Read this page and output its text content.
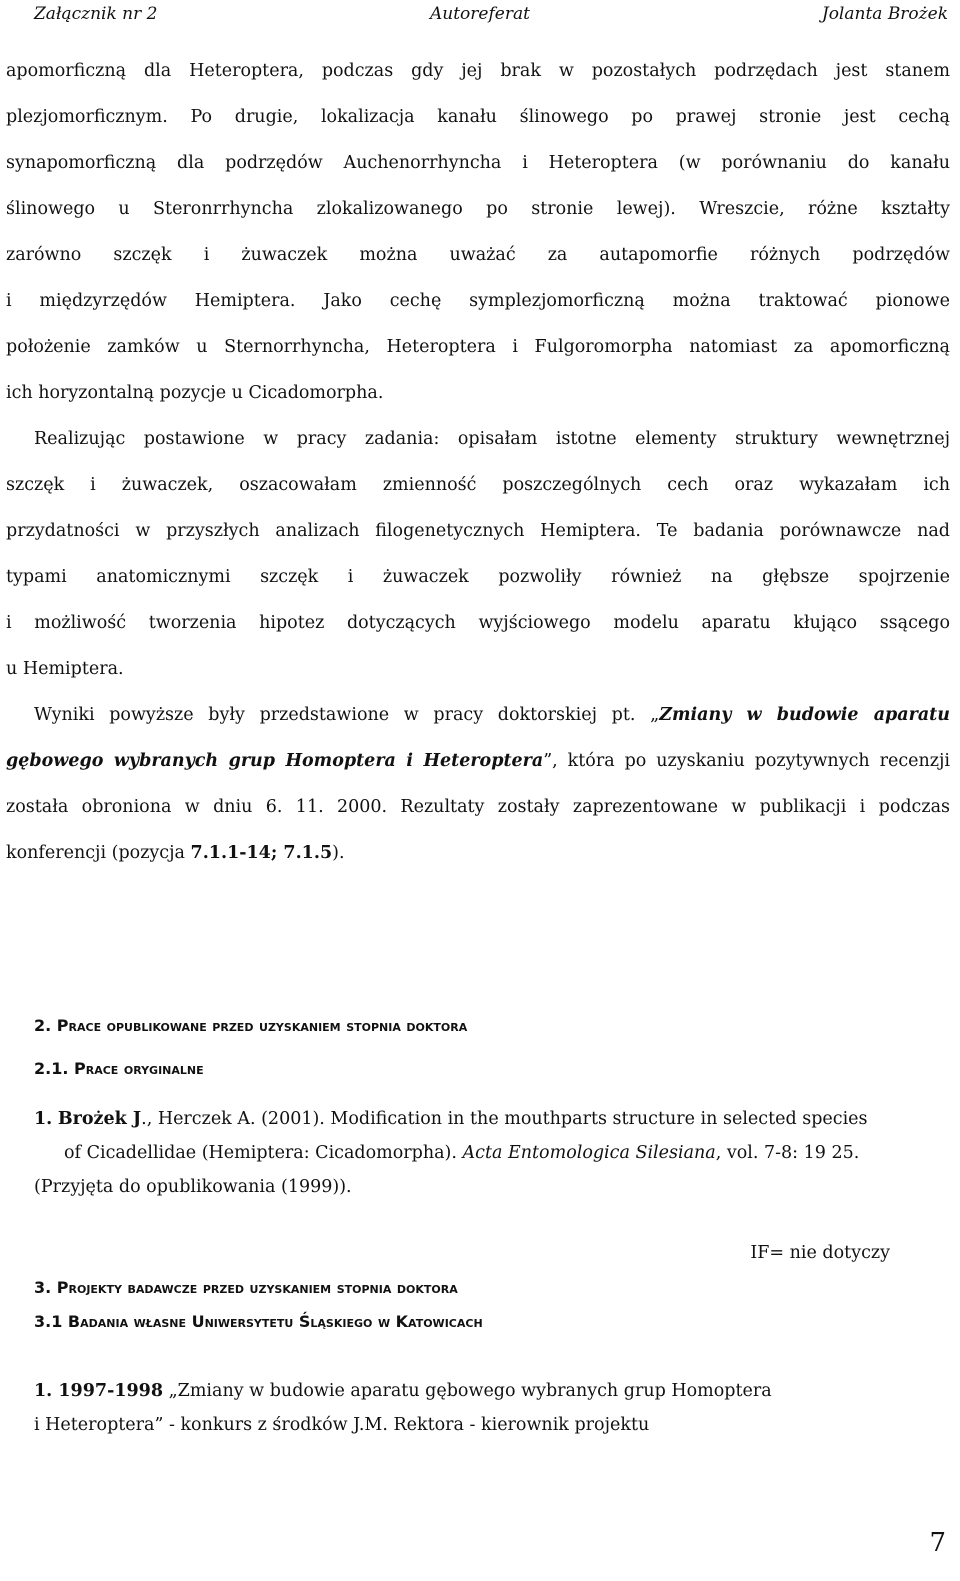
Załącznik nr 2	Autoreferat	Jolanta Brożek

apomorficzną dla Heteroptera, podczas gdy jej brak w pozostałych podrzędach jest stanem
plezjomorficznym. Po drugie, lokalizacja kanału ślinowego po prawej stronie jest cechą
synapomorficzną dla podrzędów Auchenorrhyncha i Heteroptera (w porównaniu do kanału
ślinowego u Steronrrhyncha zlokalizowanego po stronie lewej). Wreszcie, różne kształty
zarówno szczęk i żuwaczek można uważać za autapomorfie różnych podrzędów
i międzyrzędów Hemiptera. Jako cechę symplezjomorficzną można traktować pionowe
położenie zamków u Sternorrhyncha, Heteroptera i Fulgoromorpha natomiast za apomorficzną
ich horyzontalną pozycje u Cicadomorpha.

Realizując postawione w pracy zadania: opisałam istotne elementy struktury wewnętrznej
szczęk i żuwaczek, oszacowałam zmienność poszczególnych cech oraz wykazałam ich
przydatności w przyszłych analizach filogenetycznych Hemiptera. Te badania porównawcze nad
typami anatomicznymi szczęk i żuwaczek pozwoliły również na głębsze spojrzenie
i możliwość tworzenia hipotez dotyczących wyjściowego modelu aparatu kłująco ssącego
u Hemiptera.

Wyniki powyższe były przedstawione w pracy doktorskiej pt. „Zmiany w budowie aparatu
gębowego wybranych grup Homoptera i Heteroptera”, która po uzyskaniu pozytywnych recenzji
została obroniona w dniu 6. 11. 2000. Rezultaty zostały zaprezentowane w publikacji i podczas
konferencji (pozycja 7.1.1-14; 7.1.5).

2. Prace opublikowane przed uzyskaniem stopnia doktora
2.1. Prace oryginalne
1. Brożek J., Herczek A. (2001). Modification in the mouthparts structure in selected species
of Cicadellidae (Hemiptera: Cicadomorpha). Acta Entomologica Silesiana, vol. 7-8: 19 25.
(Przyjęta do opublikowania (1999)).
IF= nie dotyczy
3. Projekty badawcze przed uzyskaniem stopnia doktora
3.1 Badania własne Uniwersytetu Śląskiego w Katowicach
1. 1997-1998 „Zmiany w budowie aparatu gębowego wybranych grup Homoptera
i Heteroptera” - konkurs z środków J.M. Rektora - kierownik projektu
7
